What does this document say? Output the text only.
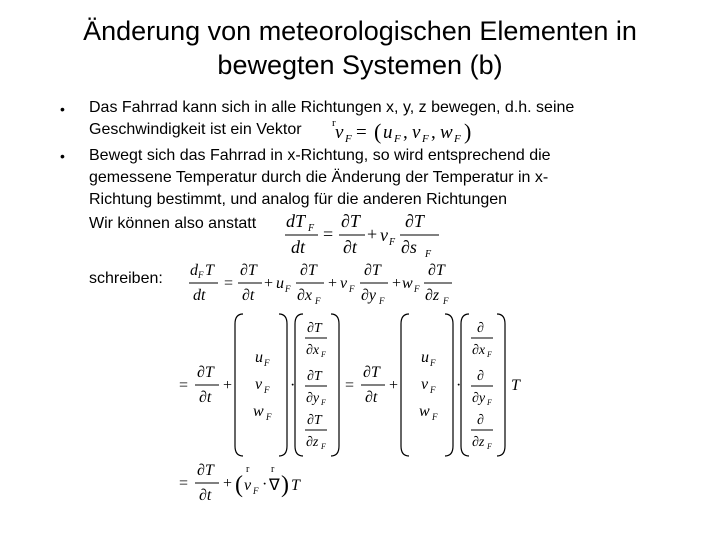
Änderung von meteorologischen Elementen in
bewegten Systemen (b)
• Das Fahrrad kann sich in alle Richtungen x, y, z bewegen, d.h. seine
Geschwindigkeit ist ein Vektor
• Bewegt sich das Fahrrad in x-Richtung, so wird entsprechend die
gemessene Temperatur durch die Änderung der Temperatur in x-
Richtung bestimmt, und analog für die anderen Richtungen
Wir können also anstatt
schreiben:
r v F = ( u F , v F , w F )
dT F
dt
=
∂T
∂t
+ v F
∂T
∂s F
d F T
dt
=
∂T
∂t
+ u F
∂T
∂x F
+ v F
∂T
∂y F
+ w F
∂T
∂z F
=
∂T
∂t
+
u F
v F
w F
·
∂T
∂x F
∂T
∂y F
∂T
∂z F
=
∂T
∂t
+
u F
v F
w F
·
∂
∂x F
∂
∂y F
∂
∂z F
T
=
∂T
∂t
+ (
r
v F ·
r
∇ ) T
